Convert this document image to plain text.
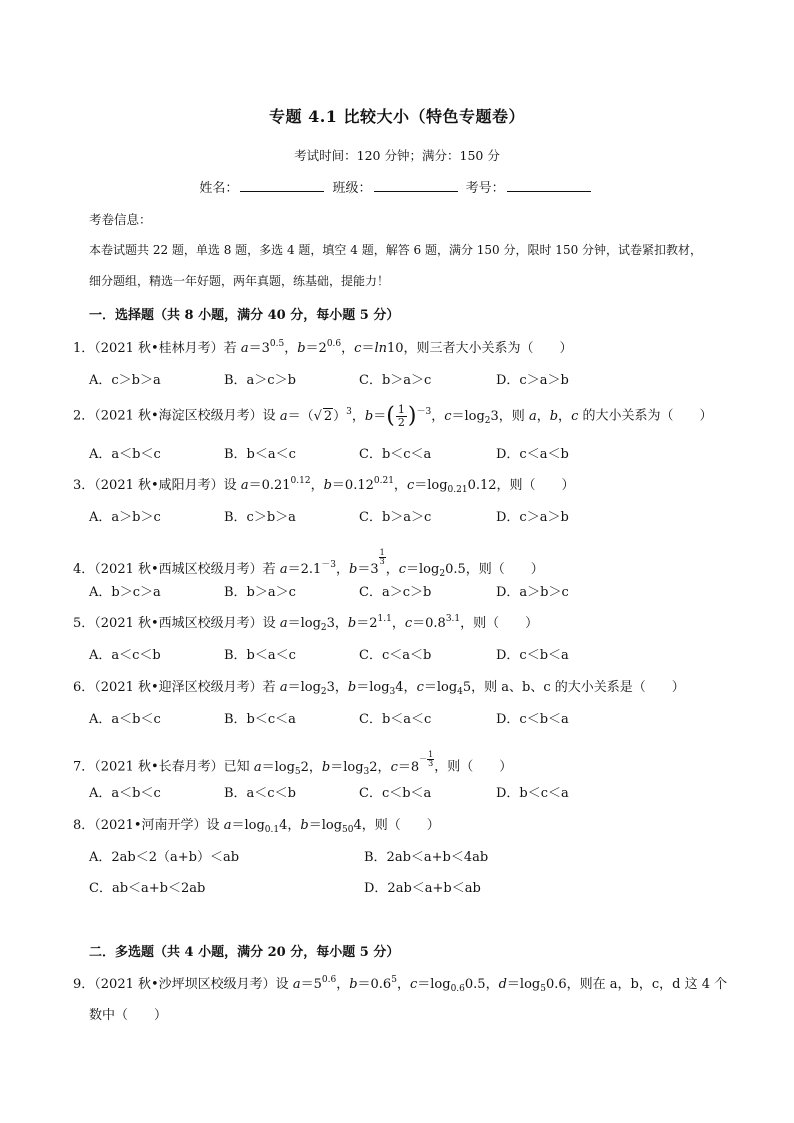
专题 4.1 比较大小（特色专题卷）
考试时间：120 分钟；满分：150 分
姓名：	班级：	考号：
考卷信息：
本卷试题共 22 题，单选 8 题，多选 4 题，填空 4 题，解答 6 题，满分 150 分，限时 150 分钟，试卷紧扣教材，
细分题组，精选一年好题，两年真题，练基础，提能力！
一．选择题（共 8 小题，满分 40 分，每小题 5 分）
1．（2021 秋•桂林月考）若 $a=3^{0.5}$，$b=2^{0.6}$，c＝ln10，则三者大小关系为（　　）
A．c＞b＞a	B．a＞c＞b	C．b＞a＞c	D．c＞a＞b
2．（2021 秋•海淀区校级月考）设 a＝（√ 2）$^3$，$b=( \frac{1}{2} )^{-3}$，$c=\log_23$，则 a，b，c 的大小关系为（　　）
A．a＜b＜c	B．b＜a＜c	C．b＜c＜a	D．c＜a＜b
3．（2021 秋•咸阳月考）设 $a=0.21^{0.12}$，$b=0.12^{0.21}$，$c=\log_{0.21}0.12$，则（　　）
A．a＞b＞c	B．c＞b＞a	C．b＞a＞c	D．c＞a＞b
4．（2021 秋•西城区校级月考）若 $a=2.1^{-3}$，b＝3
$\frac{1}{3}$
，$c=\log_20.5$，则（　　）
A．b＞c＞a	B．b＞a＞c	C．a＞c＞b	D．a＞b＞c
5．（2021 秋•西城区校级月考）设 $a=\log_23$，$b=2^{1.1}$，$c=0.8^{3.1}$，则（　　）
A．a＜c＜b	B．b＜a＜c	C．c＜a＜b	D．c＜b＜a
6．（2021 秋•迎泽区校级月考）若 $a=\log_23$，$b=\log_34$，$c=\log_45$，则 a、b、c 的大小关系是（　　）
A．a＜b＜c	B．b＜c＜a	C．b＜a＜c	D．c＜b＜a
7．（2021 秋•长春月考）已知 $a=\log_52$，$b=\log_32$，$c=8- \frac{1}{3}$ ，则（　　）
A．a＜b＜c	B．a＜c＜b	C．c＜b＜a	D．b＜c＜a
8．（2021•河南开学）设 $a=\log_{0.1}4$，$b=\log_{50}4$，则（　　）
A．2ab＜2（a+b）＜ab	B．2ab＜a+b＜4ab
C．ab＜a+b＜2ab	D．2ab＜a+b＜ab
二．多选题（共 4 小题，满分 20 分，每小题 5 分）
9．（2021 秋•沙坪坝区校级月考）设 $a=5^{0.6}$，$b=0.6^5$，$c=\log_{0.6}0.5$，$d=\log_50.6$，则在 a，b，c，d 这 4 个
数中（　　）
